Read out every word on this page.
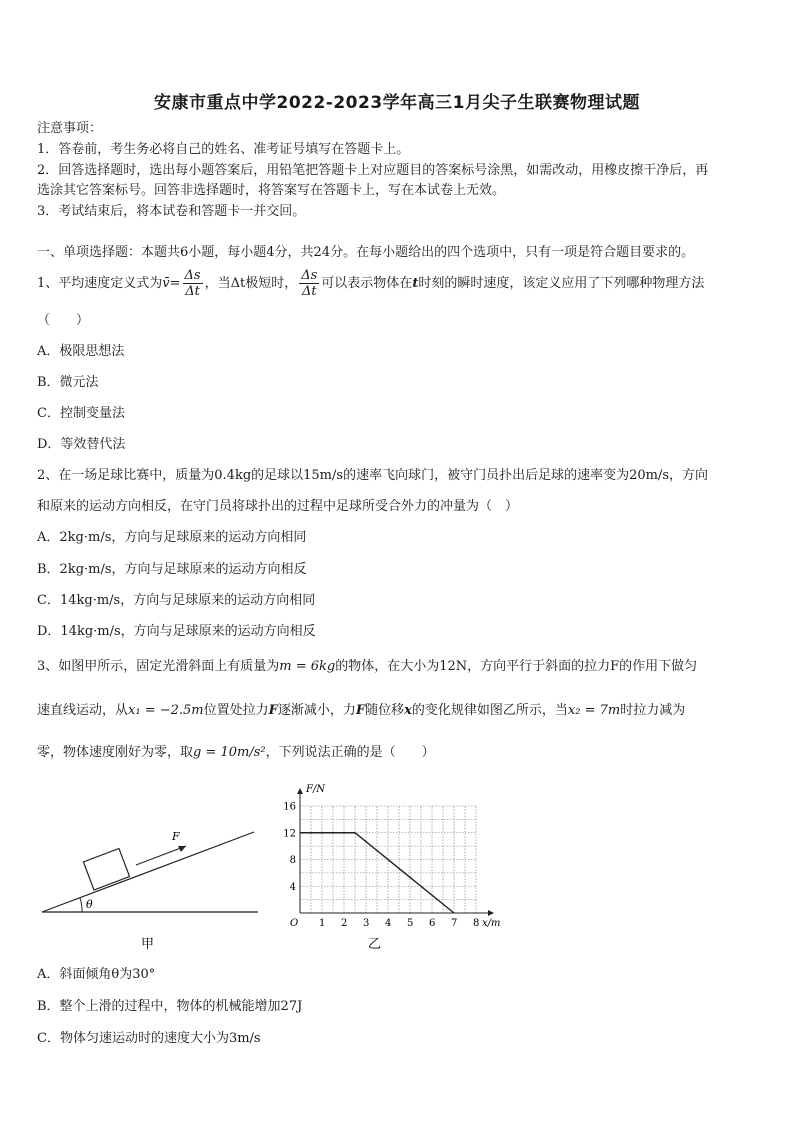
安康市重点中学2022-2023学年高三1月尖子生联赛物理试题
注意事项：
1．答卷前，考生务必将自己的姓名、准考证号填写在答题卡上。
2．回答选择题时，选出每小题答案后，用铅笔把答题卡上对应题目的答案标号涂黑，如需改动，用橡皮擦干净后，再
选涂其它答案标号。回答非选择题时，将答案写在答题卡上，写在本试卷上无效。
3．考试结束后，将本试卷和答题卡一并交回。
一、单项选择题：本题共6小题，每小题4分，共24分。在每小题给出的四个选项中，只有一项是符合题目要求的。
1、平均速度定义式为v̄= $\frac{\Delta s}{\Delta t}$ ，当Δt极短时， $\frac{\Delta s}{\Delta t}$ 可以表示物体在t时刻的瞬时速度，该定义应用了下列哪种物理方法
（　　）
A．极限思想法
B．微元法
C．控制变量法
D．等效替代法
2、在一场足球比赛中，质量为0.4kg的足球以15m/s的速率飞向球门，被守门员扑出后足球的速率变为20m/s，方向
和原来的运动方向相反，在守门员将球扑出的过程中足球所受合外力的冲量为（　）
A．2kg·m/s，方向与足球原来的运动方向相同
B．2kg·m/s，方向与足球原来的运动方向相反
C．14kg·m/s，方向与足球原来的运动方向相同
D．14kg·m/s，方向与足球原来的运动方向相反
3、如图甲所示，固定光滑斜面上有质量为m = 6kg的物体，在大小为12N，方向平行于斜面的拉力F的作用下做匀
速直线运动，从x₁ = −2.5m位置处拉力F逐渐减小，力F随位移x的变化规律如图乙所示，当x₂ = 7m时拉力减为
零，物体速度刚好为零，取g = 10m/s²，下列说法正确的是（　　）
θ
F
甲
O 1 2 3 4 5 6 7 8
4
8
12
16
x/m
F/N
乙
A．斜面倾角θ为30°
B．整个上滑的过程中，物体的机械能增加27J
C．物体匀速运动时的速度大小为3m/s
